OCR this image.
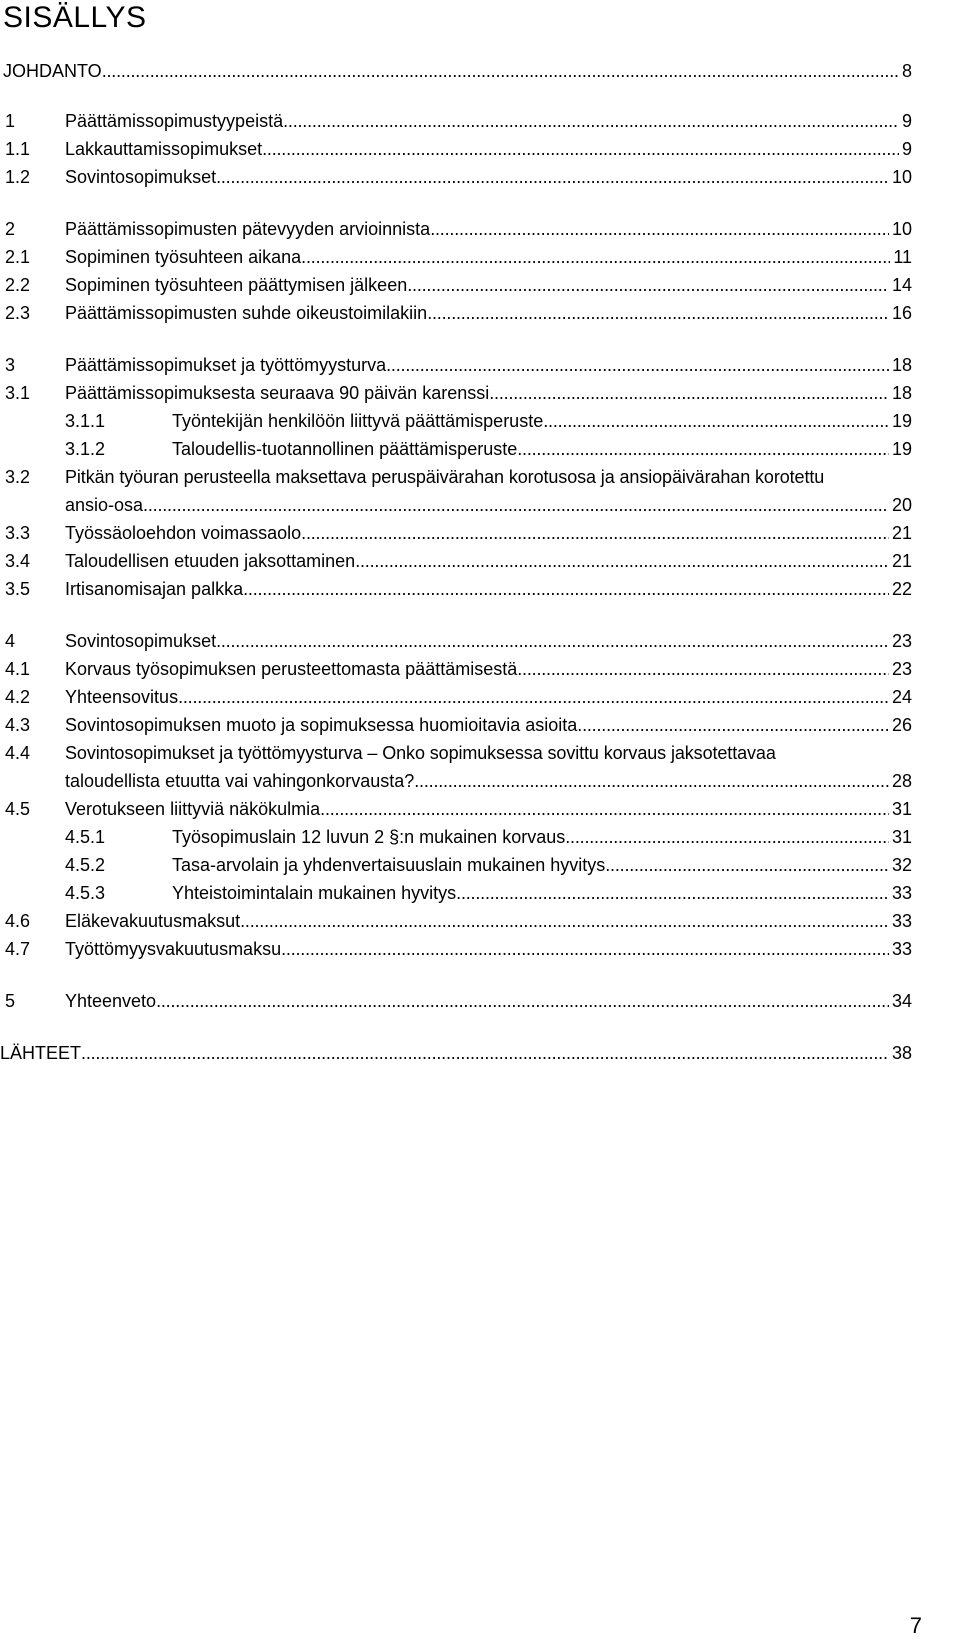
SISÄLLYS
JOHDANTO . . .	8
1	Päättämissopimustyypeistä . . .	9
1.1 Lakkauttamissopimukset . . .	9
1.2 Sovintosopimukset . . .	10
2	Päättämissopimusten pätevyyden arvioinnista . . .	10
2.1 Sopiminen työsuhteen aikana . . .	11
2.2 Sopiminen työsuhteen päättymisen jälkeen . . .	14
2.3 Päättämissopimusten suhde oikeustoimilakiin . . .	16
3	Päättämissopimukset ja työttömyysturva . . .	18
3.1 Päättämissopimuksesta seuraava 90 päivän karenssi . . .	18
3.1.1	Työntekijän henkilöön liittyvä päättämisperuste . . .	19
3.1.2	Taloudellis-tuotannollinen päättämisperuste . . .	19
3.2 Pitkän työuran perusteella maksettava peruspäivärahan korotusosa ja ansiopäivärahan korotettu
ansio-osa . . .	20
3.3 Työssäoloehdon voimassaolo . . .	21
3.4 Taloudellisen etuuden jaksottaminen . . .	21
3.5 Irtisanomisajan palkka . . .	22
4	Sovintosopimukset . . .	23
4.1 Korvaus työsopimuksen perusteettomasta päättämisestä . . .	23
4.2 Yhteensovitus . . .	24
4.3 Sovintosopimuksen muoto ja sopimuksessa huomioitavia asioita . . .	26
4.4 Sovintosopimukset ja työttömyysturva – Onko sopimuksessa sovittu korvaus jaksotettavaa
taloudellista etuutta vai vahingonkorvausta? . . .	28
4.5 Verotukseen liittyviä näkökulmia . . .	31
4.5.1	Työsopimuslain 12 luvun 2 §:n mukainen korvaus . . .	31
4.5.2	Tasa-arvolain ja yhdenvertaisuuslain mukainen hyvitys . . .	32
4.5.3	Yhteistoimintalain mukainen hyvitys . . .	33
4.6 Eläkevakuutusmaksut . . .	33
4.7 Työttömyysvakuutusmaksu . . .	33
5	Yhteenveto . . .	34
LÄHTEET . . .	38
7
